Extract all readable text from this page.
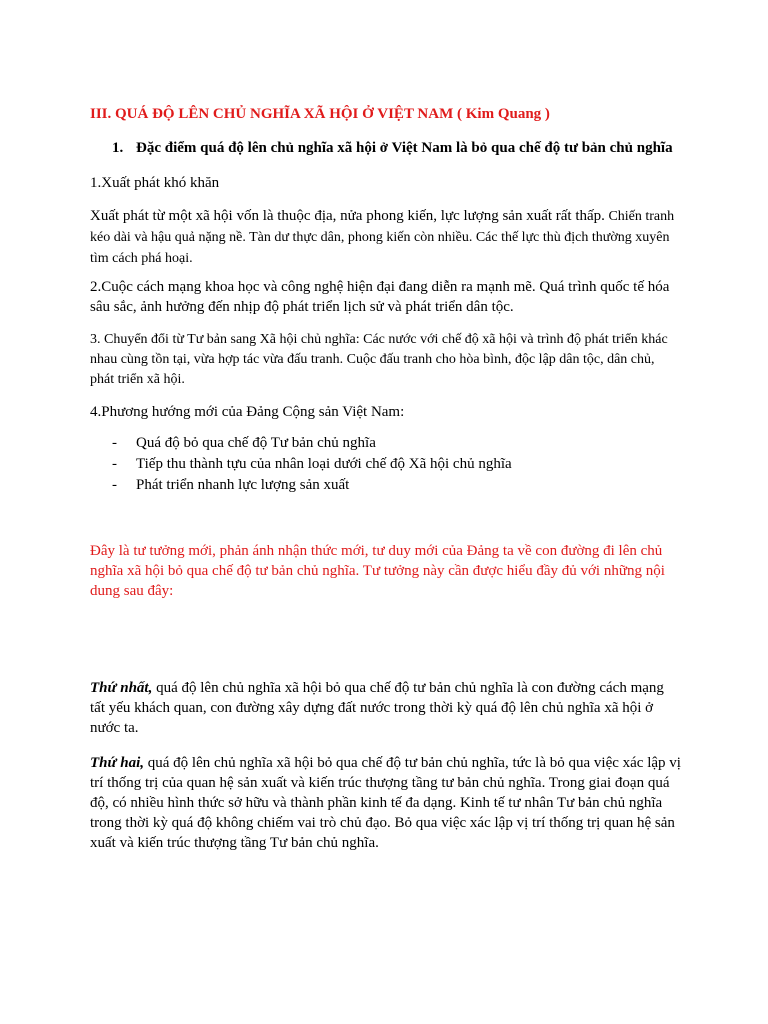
III. QUÁ ĐỘ LÊN CHỦ NGHĨA XÃ HỘI Ở VIỆT NAM ( Kim Quang )
1. Đặc điểm quá độ lên chủ nghĩa xã hội ở Việt Nam là bỏ qua chế độ tư bản chủ nghĩa

1.Xuất phát khó khăn

Xuất phát từ một xã hội vốn là thuộc địa, nửa phong kiến, lực lượng sản xuất rất thấp. Chiến tranh kéo dài và hậu quả nặng nề. Tàn dư thực dân, phong kiến còn nhiều. Các thế lực thù địch thường xuyên tìm cách phá hoại.

2.Cuộc cách mạng khoa học và công nghệ hiện đại đang diễn ra mạnh mẽ. Quá trình quốc tế hóa sâu sắc, ảnh hưởng đến nhịp độ phát triển lịch sử và phát triển dân tộc.

3. Chuyển đổi từ Tư bản sang Xã hội chủ nghĩa: Các nước với chế độ xã hội và trình độ phát triển khác nhau cùng tồn tại, vừa hợp tác vừa đấu tranh. Cuộc đấu tranh cho hòa bình, độc lập dân tộc, dân chủ, phát triển xã hội.

4.Phương hướng mới của Đảng Cộng sản Việt Nam:

- Quá độ bỏ qua chế độ Tư bản chủ nghĩa
- Tiếp thu thành tựu của nhân loại dưới chế độ Xã hội chủ nghĩa
- Phát triển nhanh lực lượng sản xuất

Đây là tư tưởng mới, phản ánh nhận thức mới, tư duy mới của Đảng ta về con đường đi lên chủ nghĩa xã hội bỏ qua chế độ tư bản chủ nghĩa. Tư tưởng này cần được hiểu đầy đủ với những nội dung sau đây:

Thứ nhất, quá độ lên chủ nghĩa xã hội bỏ qua chế độ tư bản chủ nghĩa là con đường cách mạng tất yếu khách quan, con đường xây dựng đất nước trong thời kỳ quá độ lên chủ nghĩa xã hội ở nước ta.

Thứ hai, quá độ lên chủ nghĩa xã hội bỏ qua chế độ tư bản chủ nghĩa, tức là bỏ qua việc xác lập vị trí thống trị của quan hệ sản xuất và kiến trúc thượng tầng tư bản chủ nghĩa. Trong giai đoạn quá độ, có nhiều hình thức sở hữu và thành phần kinh tế đa dạng. Kinh tế tư nhân Tư bản chủ nghĩa trong thời kỳ quá độ không chiếm vai trò chủ đạo. Bỏ qua việc xác lập vị trí thống trị quan hệ sản xuất và kiến trúc thượng tầng Tư bản chủ nghĩa.
